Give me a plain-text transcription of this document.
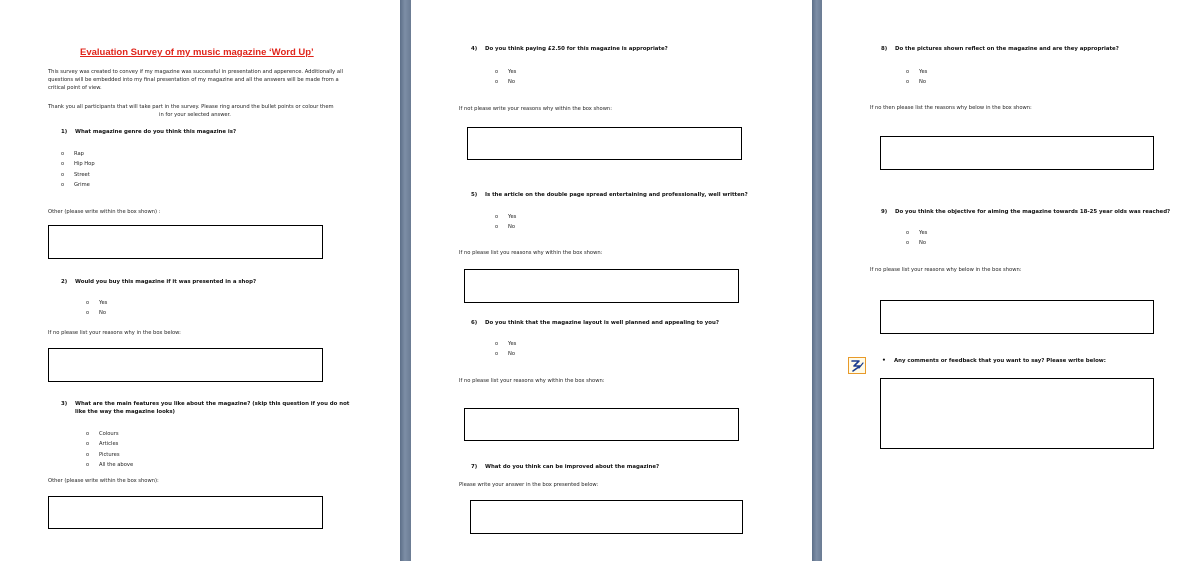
Evaluation Survey of my music magazine ‘Word Up’
This survey was created to convey if my magazine was successful in presentation and apperence. Additionally all questions will be embedded into my final presentation of my magazine and all the answers will be made from a critical point of view.
Thank you all participants that will take part in the survey. Please ring around the bullet points or colour them
in for your selected answer.
1) What magazine genre do you think this magazine is?
o Rap
o Hip Hop
o Street
o Grime
Other (please write within the box shown) :
2) Would you buy this magazine if it was presented in a shop?
o Yes
o No
If no please list your reasons why in the box below:
3) What are the main features you like about the magazine? (skip this question if you do not
like the way the magazine looks)
o Colours
o Articles
o Pictures
o All the above
Other (please write within the box shown):
4) Do you think paying £2.50 for this magazine is appropriate?
o Yes
o No
If not please write your reasons why within the box shown:
5) Is the article on the double page spread entertaining and professionally, well written?
o Yes
o No
If no please list you reasons why within the box shown:
6) Do you think that the magazine layout is well planned and appealing to you?
o Yes
o No
If no please list your reasons why within the box shown:
7) What do you think can be improved about the magazine?
Please write your answer in the box presented below:
8) Do the pictures shown reflect on the magazine and are they appropriate?
o Yes
o No
If no then please list the reasons why below in the box shown:
9) Do you think the objective for aiming the magazine towards 18-25 year olds was reached?
o Yes
o No
If no please list your reasons why below in the box shown:
• Any comments or feedback that you want to say? Please write below:
